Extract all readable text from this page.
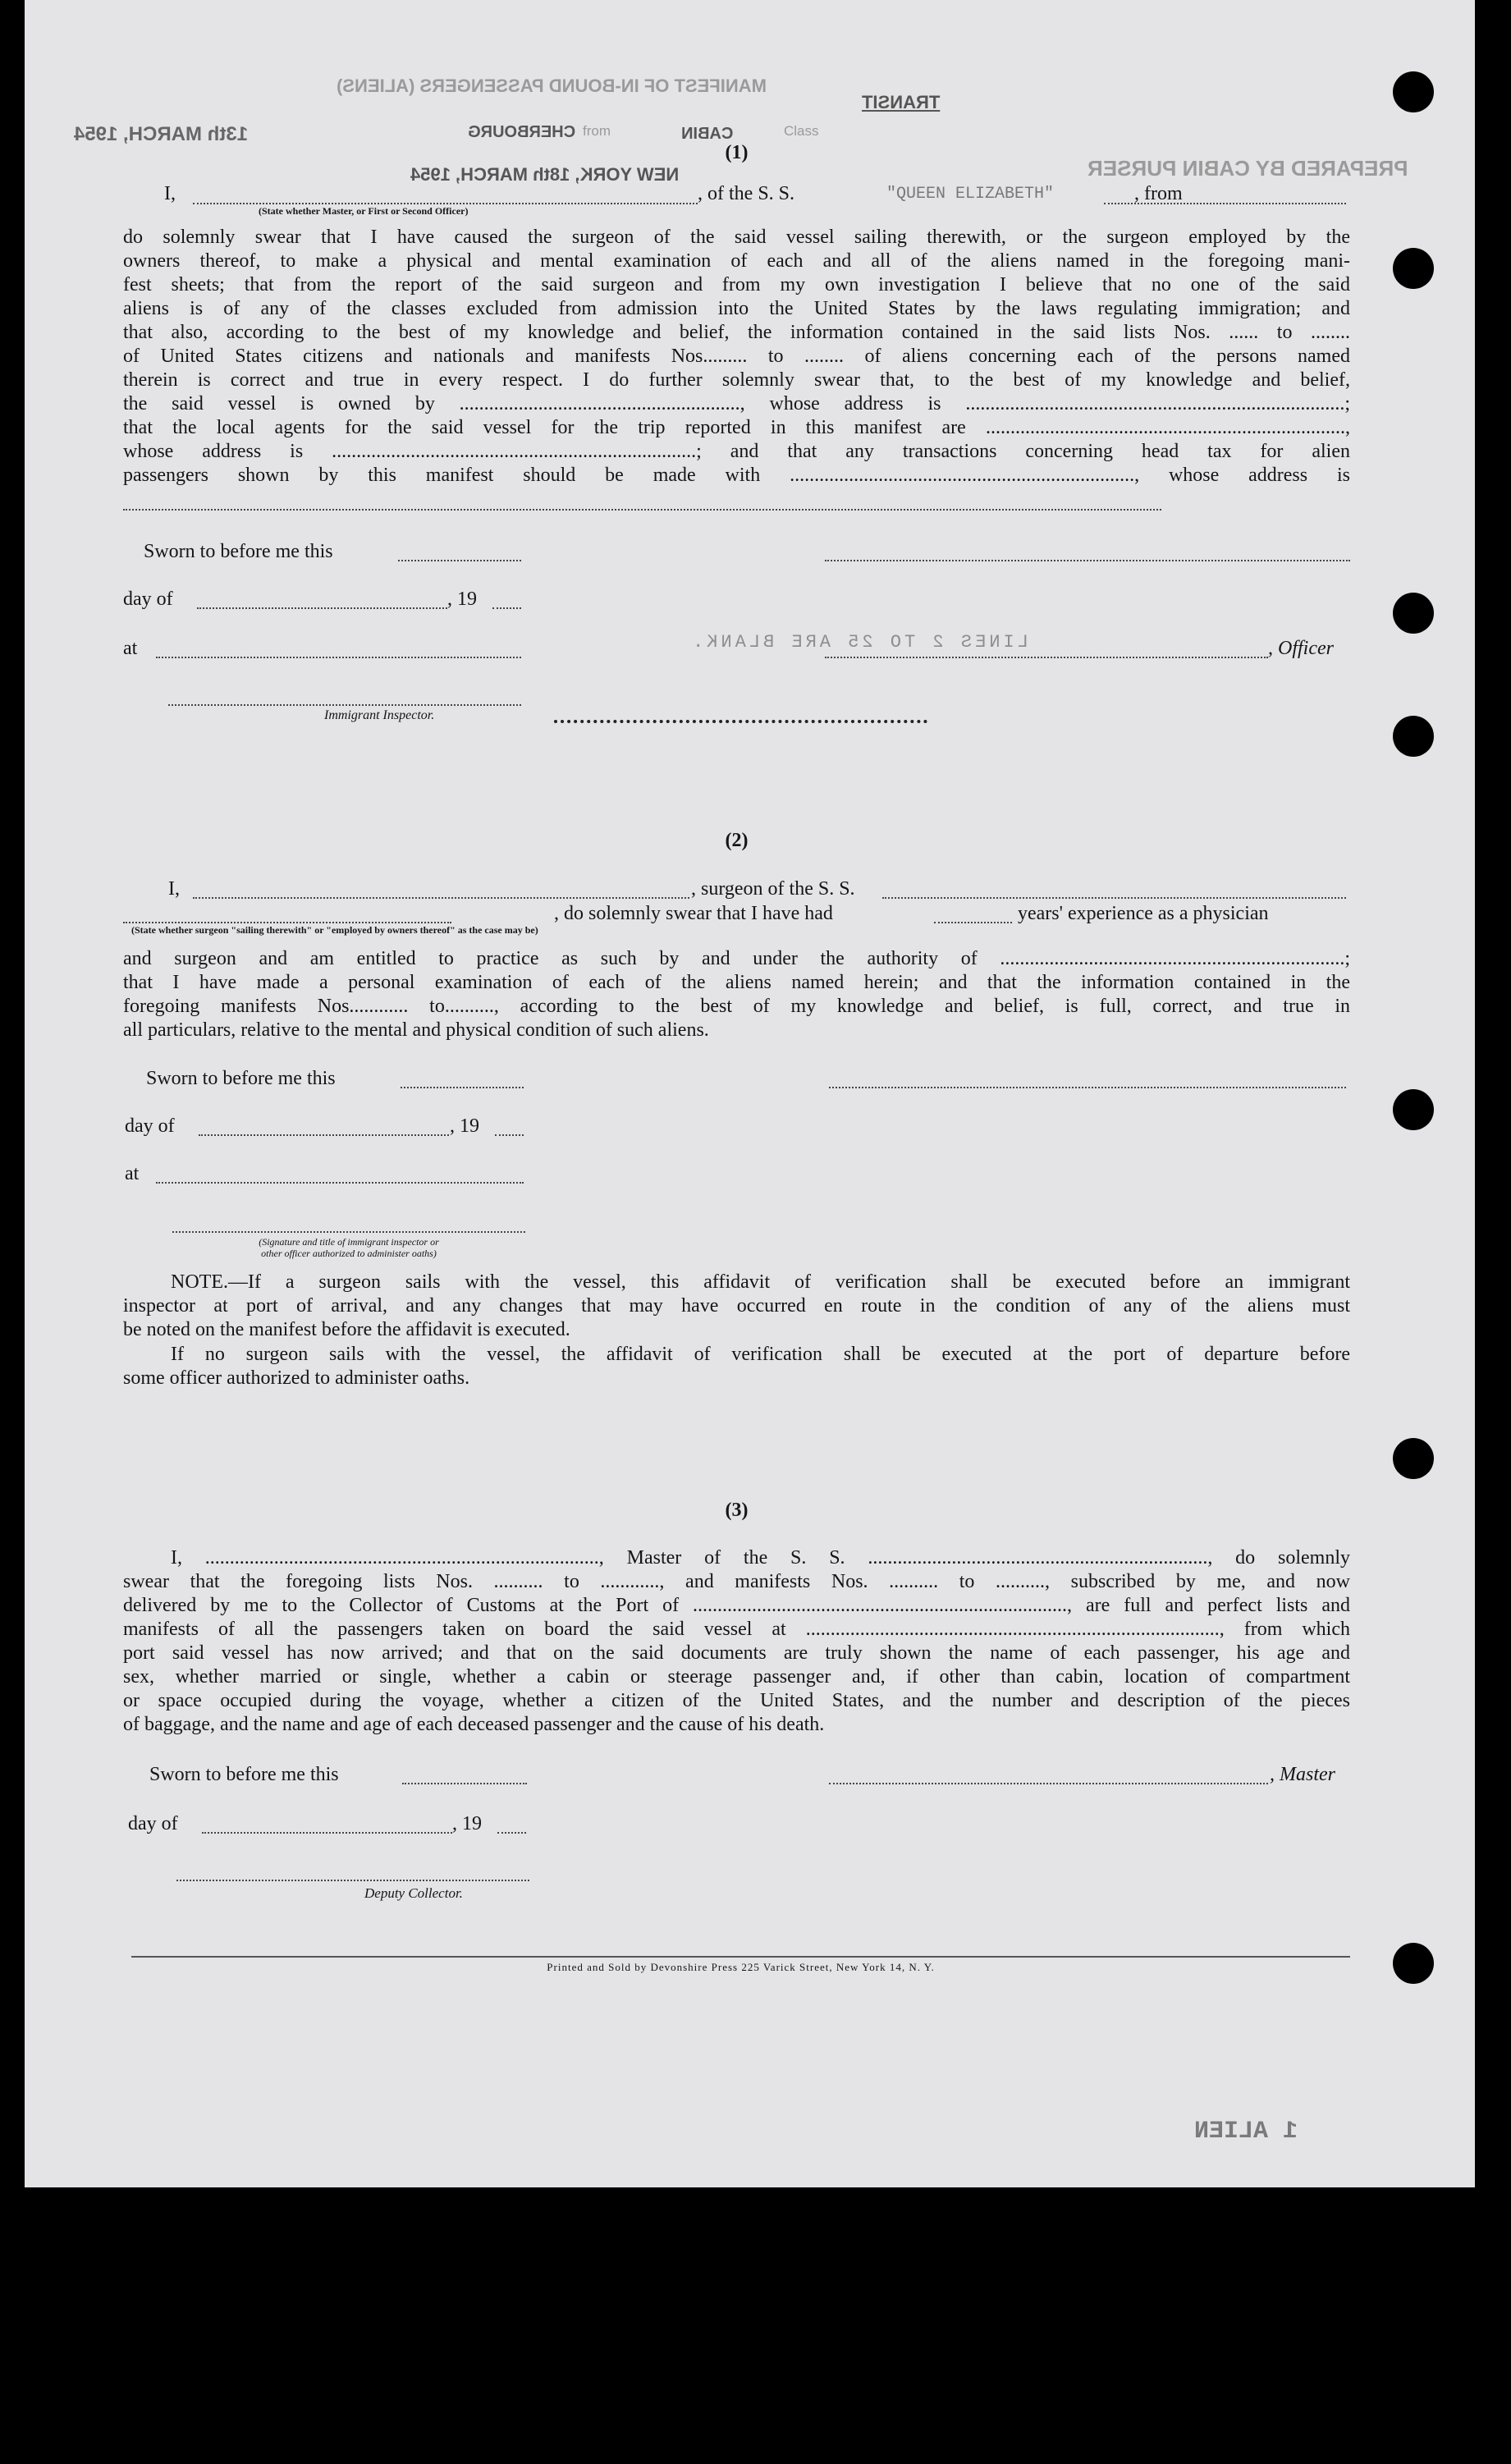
MANIFEST OF IN-BOUND PASSENGERS (ALIENS)
Class
CABIN
from
CHERBOURG
13th MARCH, 1954
TRANSIT
NEW YORK, 18th MARCH, 1954	PREPARED BY CABIN PURSER
(1)
I,	, of the S. S.	"QUEEN ELIZABETH"	, from
(State whether Master, or First or Second Officer)
do solemnly swear that I have caused the surgeon of the said vessel sailing therewith, or the surgeon employed by the
owners thereof, to make a physical and mental examination of each and all of the aliens named in the foregoing mani-
fest sheets; that from the report of the said surgeon and from my own investigation I believe that no one of the said
aliens is of any of the classes excluded from admission into the United States by the laws regulating immigration; and
that also, according to the best of my knowledge and belief, the information contained in the said lists Nos. ...... to ........
of United States citizens and nationals and manifests Nos......... to ........ of aliens concerning each of the persons named
therein is correct and true in every respect. I do further solemnly swear that, to the best of my knowledge and belief,
the said vessel is owned by ........................................................., whose address is .............................................................................;
that the local agents for the said vessel for the trip reported in this manifest are .........................................................................,
whose address is ..........................................................................; and that any transactions concerning head tax for alien
passengers shown by this manifest should be made with ......................................................................, whose address is
Sworn to before me this
day of	, 19
at	LINES 2 TO 25 ARE BLANK.	, Officer
Immigrant Inspector.
(2)
I,	, surgeon of the S. S.
, do solemnly swear that I have had	years' experience as a physician
(State whether surgeon "sailing therewith" or "employed by owners thereof" as the case may be)
and surgeon and am entitled to practice as such by and under the authority of ......................................................................;
that I have made a personal examination of each of the aliens named herein; and that the information contained in the
foregoing manifests Nos............ to.........., according to the best of my knowledge and belief, is full, correct, and true in
all particulars, relative to the mental and physical condition of such aliens.
Sworn to before me this
day of	, 19
at
(Signature and title of immigrant inspector or
other officer authorized to administer oaths)
NOTE.—If a surgeon sails with the vessel, this affidavit of verification shall be executed before an immigrant
inspector at port of arrival, and any changes that may have occurred en route in the condition of any of the aliens must
be noted on the manifest before the affidavit is executed.
If no surgeon sails with the vessel, the affidavit of verification shall be executed at the port of departure before
some officer authorized to administer oaths.
(3)
I, ................................................................................, Master of the S. S. ....................................................................., do solemnly
swear that the foregoing lists Nos. .......... to ............, and manifests Nos. .......... to .........., subscribed by me, and now
delivered by me to the Collector of Customs at the Port of ............................................................................, are full and perfect lists and
manifests of all the passengers taken on board the said vessel at ...................................................................................., from which
port said vessel has now arrived; and that on the said documents are truly shown the name of each passenger, his age and
sex, whether married or single, whether a cabin or steerage passenger and, if other than cabin, location of compartment
or space occupied during the voyage, whether a citizen of the United States, and the number and description of the pieces
of baggage, and the name and age of each deceased passenger and the cause of his death.
Sworn to before me this	, Master
day of	, 19
Deputy Collector.
Printed and Sold by Devonshire Press 225 Varick Street, New York 14, N. Y.
1 ALIEN
